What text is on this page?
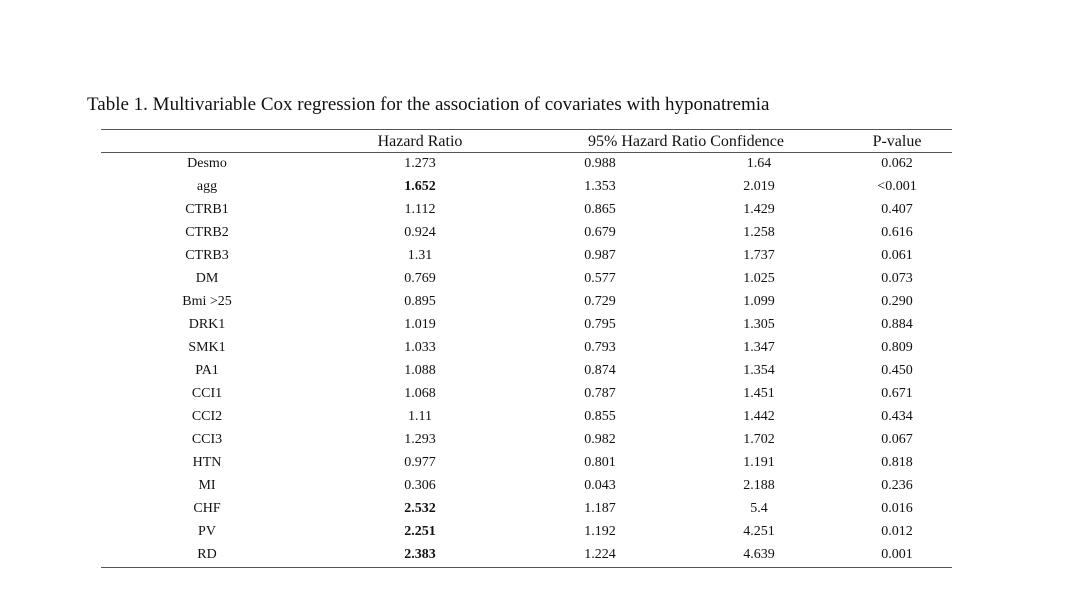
Table 1. Multivariable Cox regression for the association of covariates with hyponatremia
Hazard Ratio	95% Hazard Ratio Confidence	P-value
Desmo	1.273	0.988	1.64	0.062
agg	1.652	1.353	2.019	<0.001
CTRB1	1.112	0.865	1.429	0.407
CTRB2	0.924	0.679	1.258	0.616
CTRB3	1.31	0.987	1.737	0.061
DM	0.769	0.577	1.025	0.073
Bmi >25	0.895	0.729	1.099	0.290
DRK1	1.019	0.795	1.305	0.884
SMK1	1.033	0.793	1.347	0.809
PA1	1.088	0.874	1.354	0.450
CCI1	1.068	0.787	1.451	0.671
CCI2	1.11	0.855	1.442	0.434
CCI3	1.293	0.982	1.702	0.067
HTN	0.977	0.801	1.191	0.818
MI	0.306	0.043	2.188	0.236
CHF	2.532	1.187	5.4	0.016
PV	2.251	1.192	4.251	0.012
RD	2.383	1.224	4.639	0.001
